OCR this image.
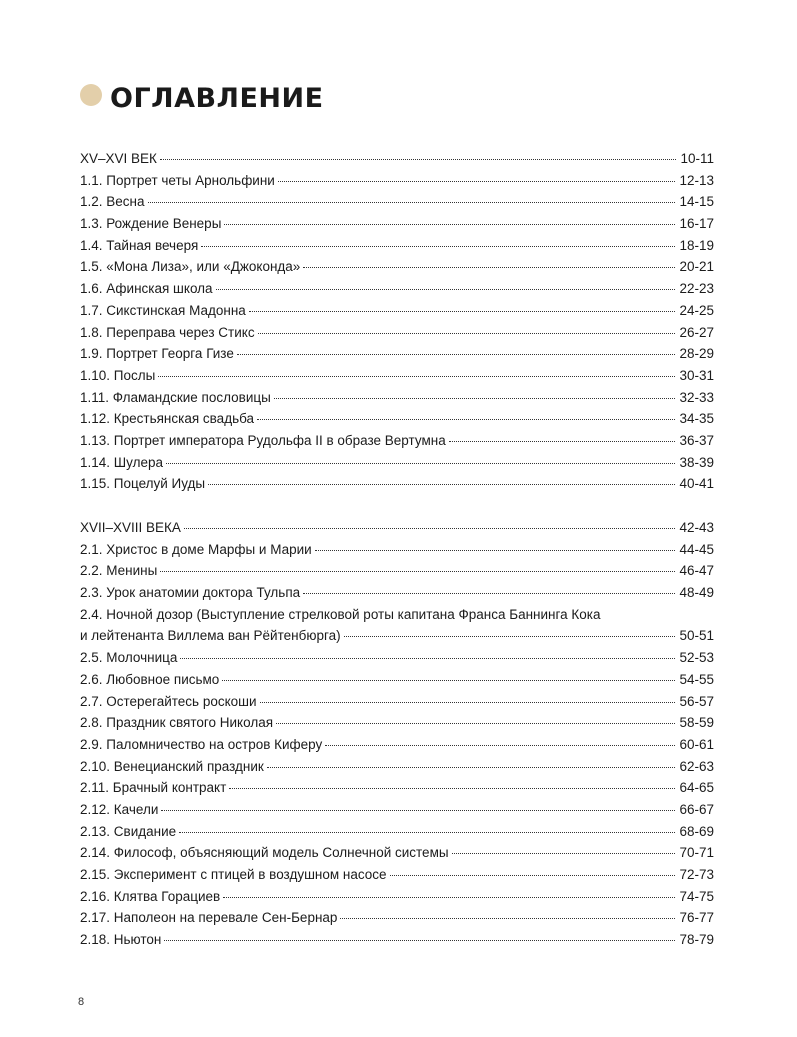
ОГЛАВЛЕНИЕ
XV–XVI ВЕК	10-11
1.1. Портрет четы Арнольфини	12-13
1.2. Весна	14-15
1.3. Рождение Венеры	16-17
1.4. Тайная вечеря	18-19
1.5. «Мона Лиза», или «Джоконда»	20-21
1.6. Афинская школа	22-23
1.7. Сикстинская Мадонна	24-25
1.8. Переправа через Стикс	26-27
1.9. Портрет Георга Гизе	28-29
1.10. Послы	30-31
1.11. Фламандские пословицы	32-33
1.12. Крестьянская свадьба	34-35
1.13. Портрет императора Рудольфа II в образе Вертумна	36-37
1.14. Шулера	38-39
1.15. Поцелуй Иуды	40-41
XVII–XVIII ВЕКА	42-43
2.1. Христос в доме Марфы и Марии	44-45
2.2. Менины	46-47
2.3. Урок анатомии доктора Тульпа	48-49
2.4. Ночной дозор (Выступление стрелковой роты капитана Франса Баннинга Кока
и лейтенанта Виллема ван Рёйтенбюрга)	50-51
2.5. Молочница	52-53
2.6. Любовное письмо	54-55
2.7. Остерегайтесь роскоши	56-57
2.8. Праздник святого Николая	58-59
2.9. Паломничество на остров Киферу	60-61
2.10. Венецианский праздник	62-63
2.11. Брачный контракт	64-65
2.12. Качели	66-67
2.13. Свидание	68-69
2.14. Философ, объясняющий модель Солнечной системы	70-71
2.15. Эксперимент с птицей в воздушном насосе	72-73
2.16. Клятва Горациев	74-75
2.17. Наполеон на перевале Сен-Бернар	76-77
2.18. Ньютон	78-79
8
